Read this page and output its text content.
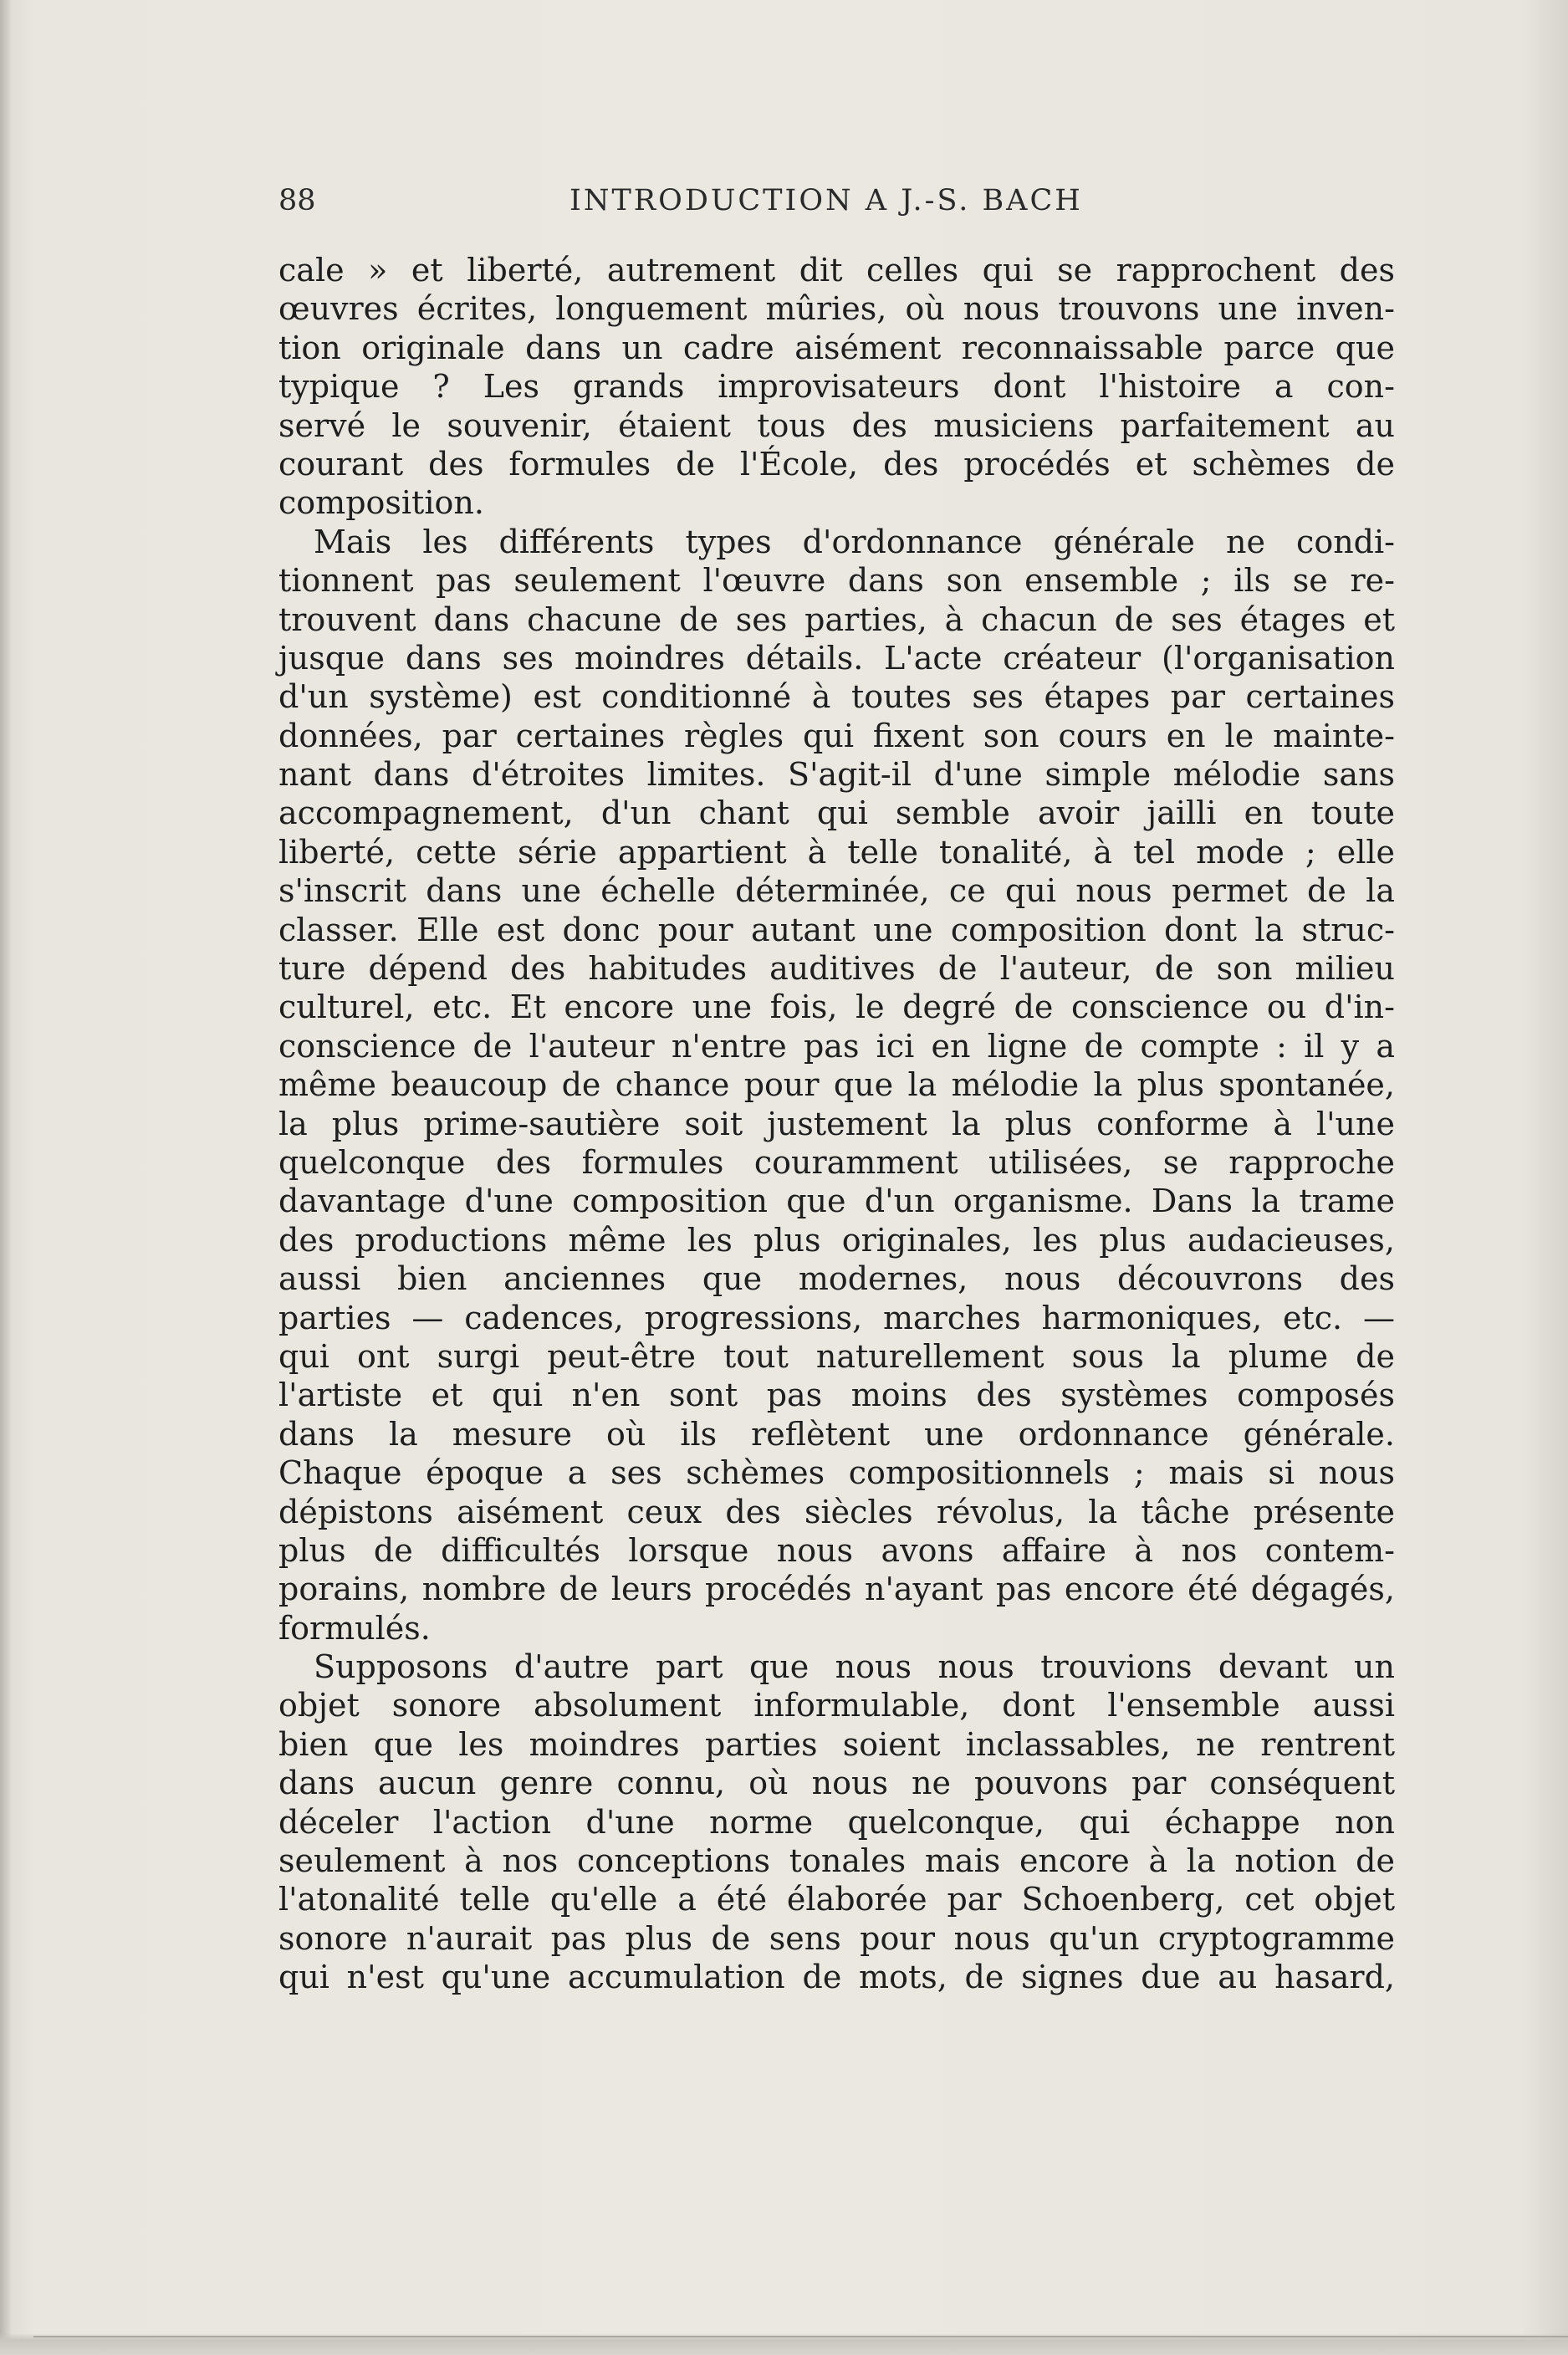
88	INTRODUCTION A J.-S. BACH
cale » et liberté, autrement dit celles qui se rapprochent des
œuvres écrites, longuement mûries, où nous trouvons une inven-
tion originale dans un cadre aisément reconnaissable parce que
typique ? Les grands improvisateurs dont l'histoire a con-
servé le souvenir, étaient tous des musiciens parfaitement au
courant des formules de l'École, des procédés et schèmes de
composition.
Mais les différents types d'ordonnance générale ne condi-
tionnent pas seulement l'œuvre dans son ensemble ; ils se re-
trouvent dans chacune de ses parties, à chacun de ses étages et
jusque dans ses moindres détails. L'acte créateur (l'organisation
d'un système) est conditionné à toutes ses étapes par certaines
données, par certaines règles qui fixent son cours en le mainte-
nant dans d'étroites limites. S'agit-il d'une simple mélodie sans
accompagnement, d'un chant qui semble avoir jailli en toute
liberté, cette série appartient à telle tonalité, à tel mode ; elle
s'inscrit dans une échelle déterminée, ce qui nous permet de la
classer. Elle est donc pour autant une composition dont la struc-
ture dépend des habitudes auditives de l'auteur, de son milieu
culturel, etc. Et encore une fois, le degré de conscience ou d'in-
conscience de l'auteur n'entre pas ici en ligne de compte : il y a
même beaucoup de chance pour que la mélodie la plus spontanée,
la plus prime-sautière soit justement la plus conforme à l'une
quelconque des formules couramment utilisées, se rapproche
davantage d'une composition que d'un organisme. Dans la trame
des productions même les plus originales, les plus audacieuses,
aussi bien anciennes que modernes, nous découvrons des
parties — cadences, progressions, marches harmoniques, etc. —
qui ont surgi peut-être tout naturellement sous la plume de
l'artiste et qui n'en sont pas moins des systèmes composés
dans la mesure où ils reflètent une ordonnance générale.
Chaque époque a ses schèmes compositionnels ; mais si nous
dépistons aisément ceux des siècles révolus, la tâche présente
plus de difficultés lorsque nous avons affaire à nos contem-
porains, nombre de leurs procédés n'ayant pas encore été dégagés,
formulés.
Supposons d'autre part que nous nous trouvions devant un
objet sonore absolument informulable, dont l'ensemble aussi
bien que les moindres parties soient inclassables, ne rentrent
dans aucun genre connu, où nous ne pouvons par conséquent
déceler l'action d'une norme quelconque, qui échappe non
seulement à nos conceptions tonales mais encore à la notion de
l'atonalité telle qu'elle a été élaborée par Schoenberg, cet objet
sonore n'aurait pas plus de sens pour nous qu'un cryptogramme
qui n'est qu'une accumulation de mots, de signes due au hasard,
